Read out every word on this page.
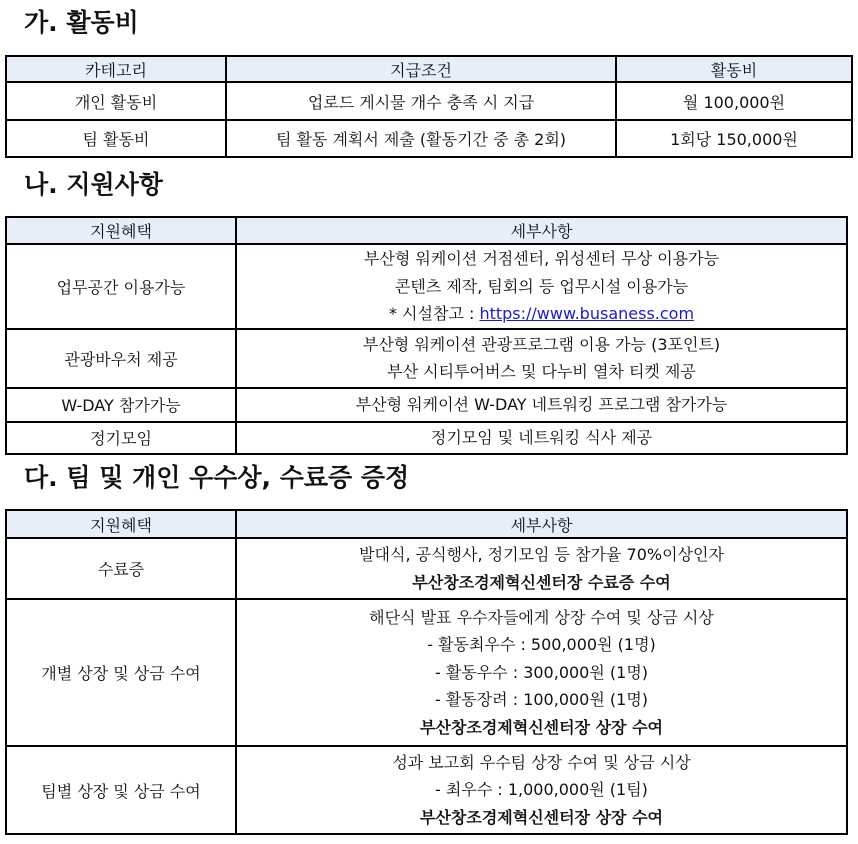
가. 활동비
카테고리	지급조건	활동비
개인 활동비	업로드 게시물 개수 충족 시 지급	월 100,000원
팀 활동비	팀 활동 계획서 제출 (활동기간 중 총 2회)	1회당 150,000원
나. 지원사항
지원혜택	세부사항
업무공간 이용가능	부산형 워케이션 거점센터, 위성센터 무상 이용가능
콘텐츠 제작, 팀회의 등 업무시설 이용가능
* 시설참고 : https://www.busaness.com

관광바우처 제공	부산형 워케이션 관광프로그램 이용 가능 (3포인트)
부산 시티투어버스 및 다누비 열차 티켓 제공

W-DAY 참가가능	부산형 워케이션 W-DAY 네트워킹 프로그램 참가가능

정기모임	정기모임 및 네트워킹 식사 제공
다. 팀 및 개인 우수상, 수료증 증정
지원혜택	세부사항
수료증	발대식, 공식행사, 정기모임 등 참가율 70%이상인자
부산창조경제혁신센터장 수료증 수여

개별 상장 및 상금 수여	해단식 발표 우수자들에게 상장 수여 및 상금 시상
- 활동최우수 : 500,000원 (1명)
- 활동우수 : 300,000원 (1명)
- 활동장려 : 100,000원 (1명)
부산창조경제혁신센터장 상장 수여

팀별 상장 및 상금 수여	성과 보고회 우수팀 상장 수여 및 상금 시상
- 최우수 : 1,000,000원 (1팀)
부산창조경제혁신센터장 상장 수여
